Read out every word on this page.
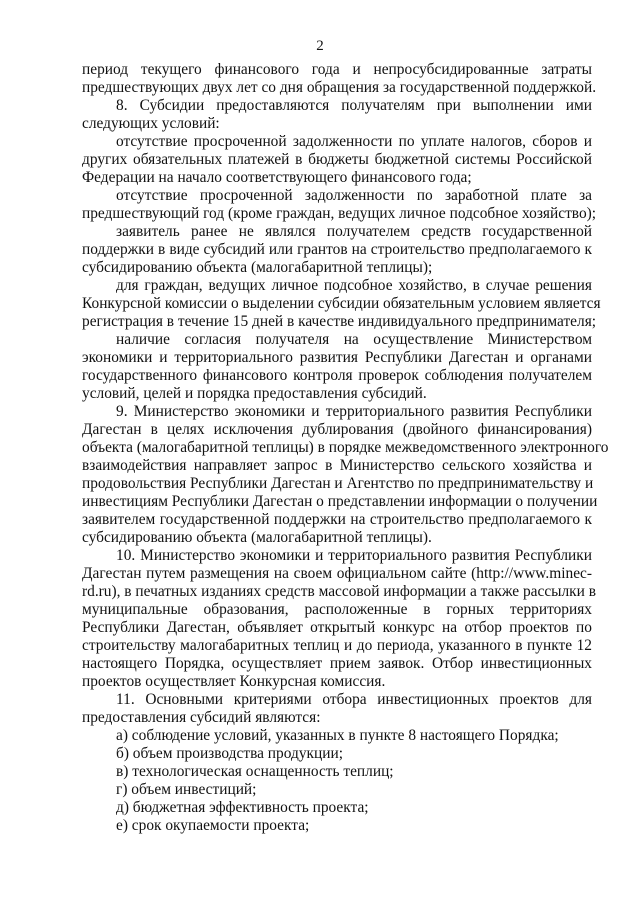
2
период текущего финансового года и непросубсидированные затраты
предшествующих двух лет со дня обращения за государственной поддержкой.
8. Субсидии предоставляются получателям при выполнении ими
следующих условий:
отсутствие просроченной задолженности по уплате налогов, сборов и
других обязательных платежей в бюджеты бюджетной системы Российской
Федерации на начало соответствующего финансового года;
отсутствие просроченной задолженности по заработной плате за
предшествующий год (кроме граждан, ведущих личное подсобное хозяйство);
заявитель ранее не являлся получателем средств государственной
поддержки в виде субсидий или грантов на строительство предполагаемого к
субсидированию объекта (малогабаритной теплицы);
для граждан, ведущих личное подсобное хозяйство, в случае решения
Конкурсной комиссии о выделении субсидии обязательным условием является
регистрация в течение 15 дней в качестве индивидуального предпринимателя;
наличие согласия получателя на осуществление Министерством
экономики и территориального развития Республики Дагестан и органами
государственного финансового контроля проверок соблюдения получателем
условий, целей и порядка предоставления субсидий.
9. Министерство экономики и территориального развития Республики
Дагестан в целях исключения дублирования (двойного финансирования)
объекта (малогабаритной теплицы) в порядке межведомственного электронного
взаимодействия направляет запрос в Министерство сельского хозяйства и
продовольствия Республики Дагестан и Агентство по предпринимательству и
инвестициям Республики Дагестан о представлении информации о получении
заявителем государственной поддержки на строительство предполагаемого к
субсидированию объекта (малогабаритной теплицы).
10. Министерство экономики и территориального развития Республики
Дагестан путем размещения на своем официальном сайте (http://www.minec-
rd.ru), в печатных изданиях средств массовой информации а также рассылки в
муниципальные образования, расположенные в горных территориях
Республики Дагестан, объявляет открытый конкурс на отбор проектов по
строительству малогабаритных теплиц и до периода, указанного в пункте 12
настоящего Порядка, осуществляет прием заявок. Отбор инвестиционных
проектов осуществляет Конкурсная комиссия.
11. Основными критериями отбора инвестиционных проектов для
предоставления субсидий являются:
а) соблюдение условий, указанных в пункте 8 настоящего Порядка;
б) объем производства продукции;
в) технологическая оснащенность теплиц;
г) объем инвестиций;
д) бюджетная эффективность проекта;
е) срок окупаемости проекта;
